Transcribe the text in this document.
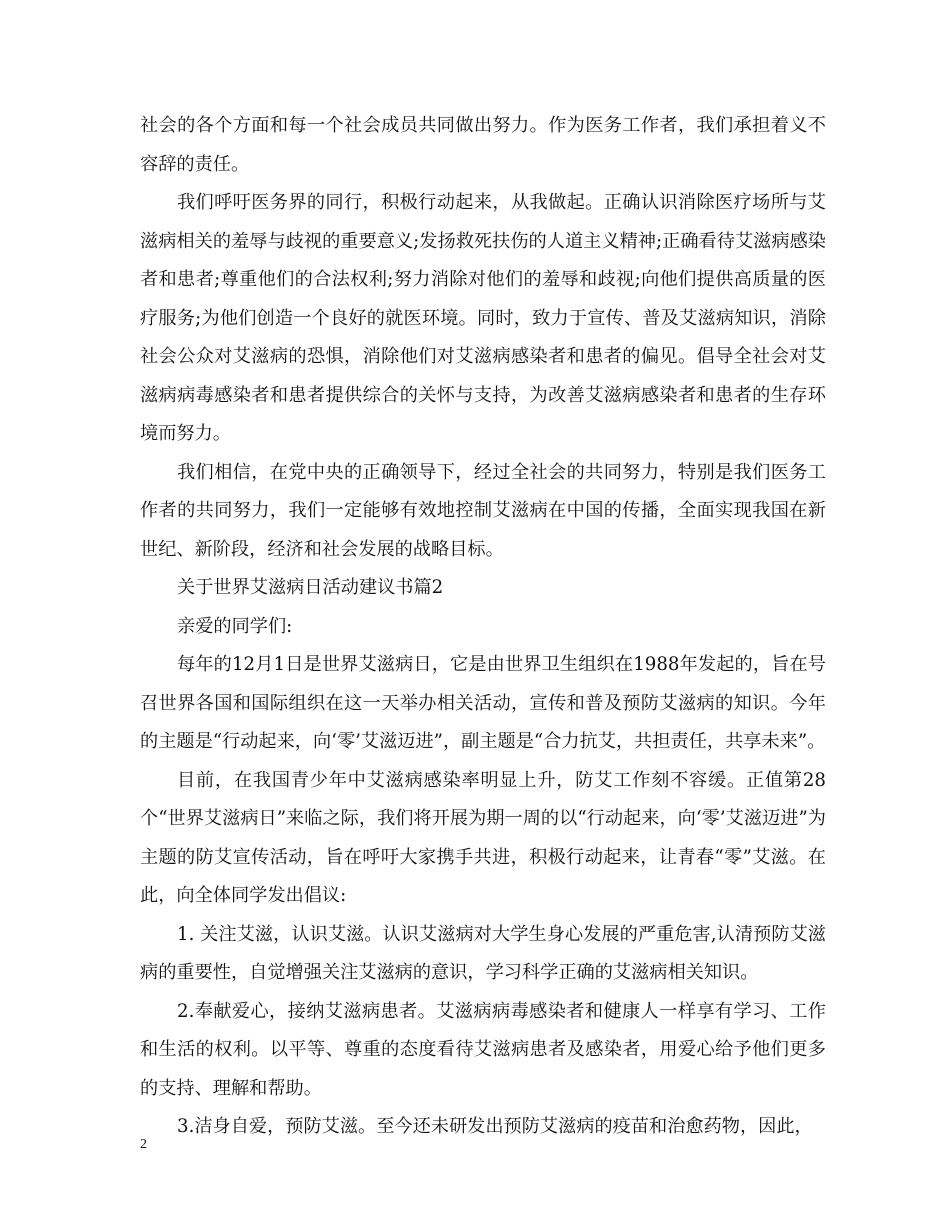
社会的各个方面和每一个社会成员共同做出努力。作为医务工作者，我们承担着义不容辞的责任。

我们呼吁医务界的同行，积极行动起来，从我做起。正确认识消除医疗场所与艾滋病相关的羞辱与歧视的重要意义;发扬救死扶伤的人道主义精神;正确看待艾滋病感染者和患者;尊重他们的合法权利;努力消除对他们的羞辱和歧视;向他们提供高质量的医疗服务;为他们创造一个良好的就医环境。同时，致力于宣传、普及艾滋病知识，消除社会公众对艾滋病的恐惧，消除他们对艾滋病感染者和患者的偏见。倡导全社会对艾滋病病毒感染者和患者提供综合的关怀与支持，为改善艾滋病感染者和患者的生存环境而努力。

我们相信，在党中央的正确领导下，经过全社会的共同努力，特别是我们医务工作者的共同努力，我们一定能够有效地控制艾滋病在中国的传播，全面实现我国在新世纪、新阶段，经济和社会发展的战略目标。

关于世界艾滋病日活动建议书篇2

亲爱的同学们:

每年的12月1日是世界艾滋病日，它是由世界卫生组织在1988年发起的，旨在号召世界各国和国际组织在这一天举办相关活动，宣传和普及预防艾滋病的知识。今年的主题是“行动起来，向‘零’艾滋迈进”，副主题是“合力抗艾，共担责任，共享未来”。

目前，在我国青少年中艾滋病感染率明显上升，防艾工作刻不容缓。正值第28个“世界艾滋病日”来临之际，我们将开展为期一周的以“行动起来，向‘零’艾滋迈进”为主题的防艾宣传活动，旨在呼吁大家携手共进，积极行动起来，让青春“零”艾滋。在此，向全体同学发出倡议:

1. 关注艾滋，认识艾滋。认识艾滋病对大学生身心发展的严重危害,认清预防艾滋病的重要性，自觉增强关注艾滋病的意识，学习科学正确的艾滋病相关知识。

2.奉献爱心，接纳艾滋病患者。艾滋病病毒感染者和健康人一样享有学习、工作和生活的权利。以平等、尊重的态度看待艾滋病患者及感染者，用爱心给予他们更多的支持、理解和帮助。

3.洁身自爱，预防艾滋。至今还未研发出预防艾滋病的疫苗和治愈药物，因此，

2
